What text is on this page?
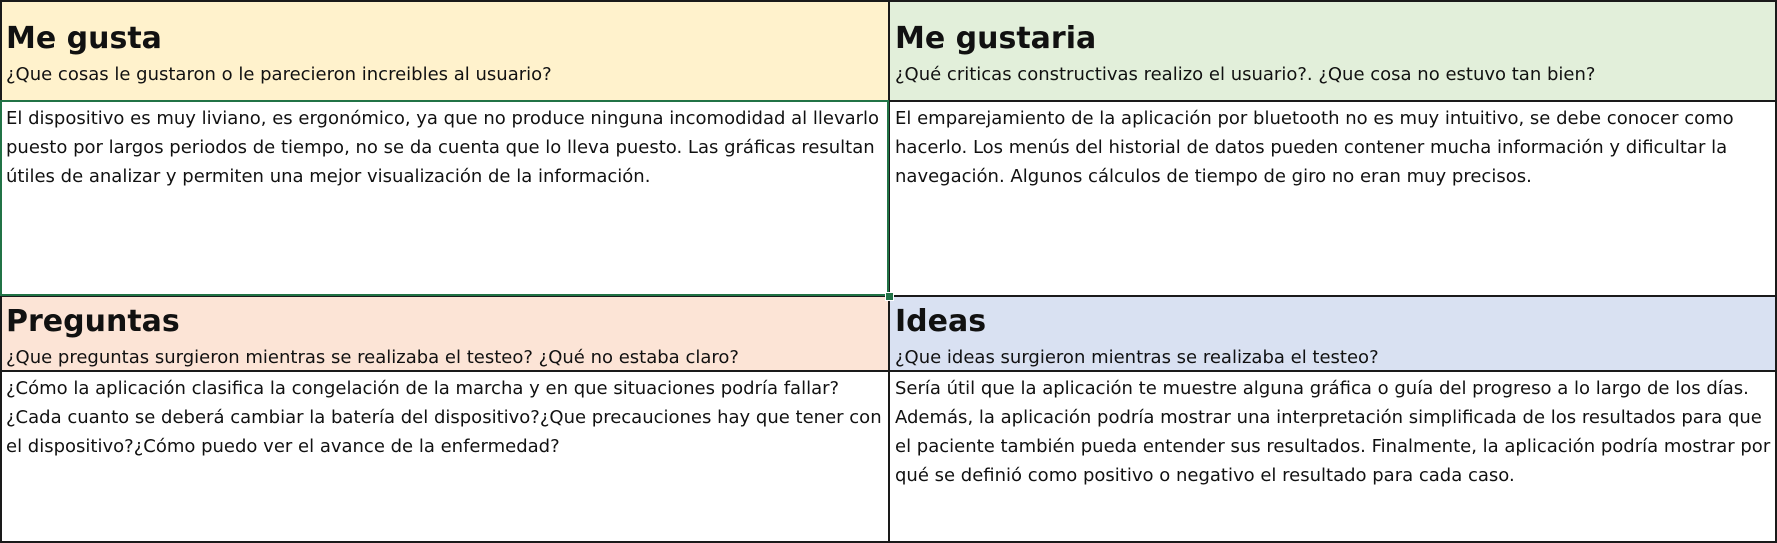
Me gusta

¿Que cosas le gustaron o le parecieron increibles al usuario?

El dispositivo es muy liviano, es ergonómico, ya que no produce ninguna incomodidad al llevarlo puesto por largos periodos de tiempo, no se da cuenta que lo lleva puesto. Las gráficas resultan útiles de analizar y permiten una mejor visualización de la información.
Me gustaria

¿Qué criticas constructivas realizo el usuario?. ¿Que cosa no estuvo tan bien?

El emparejamiento de la aplicación por bluetooth no es muy intuitivo, se debe conocer como hacerlo. Los menús del historial de datos pueden contener mucha información y dificultar la navegación. Algunos cálculos de tiempo de giro no eran muy precisos.
Preguntas

¿Que preguntas surgieron mientras se realizaba el testeo? ¿Qué no estaba claro?

¿Cómo la aplicación clasifica la congelación de la marcha y en que situaciones podría fallar?¿Cada cuanto se deberá cambiar la batería del dispositivo?¿Que precauciones hay que tener con el dispositivo?¿Cómo puedo ver el avance de la enfermedad?
Ideas

¿Que ideas surgieron mientras se realizaba el testeo?

Sería útil que la aplicación te muestre alguna gráfica o guía del progreso a lo largo de los días. Además, la aplicación podría mostrar una interpretación simplificada de los resultados para que el paciente también pueda entender sus resultados. Finalmente, la aplicación podría mostrar por qué se definió como positivo o negativo el resultado para cada caso.
